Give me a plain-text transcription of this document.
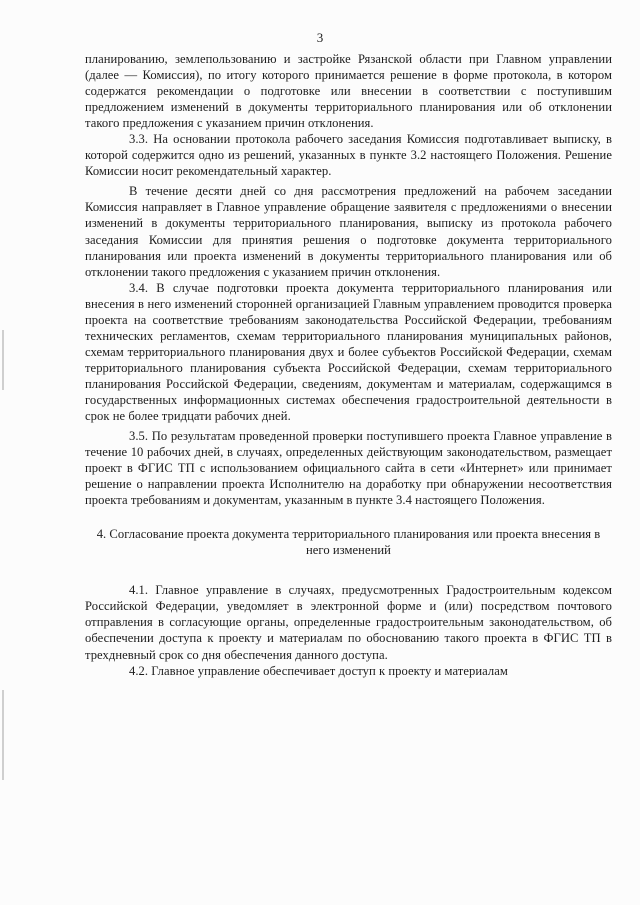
3

планированию, землепользованию и застройке Рязанской области при Главном управлении (далее — Комиссия), по итогу которого принимается решение в форме протокола, в котором содержатся рекомендации о подготовке или внесении в соответствии с поступившим предложением изменений в документы территориального планирования или об отклонении такого предложения с указанием причин отклонения.

3.3. На основании протокола рабочего заседания Комиссия подготавливает выписку, в которой содержится одно из решений, указанных в пункте 3.2 настоящего Положения. Решение Комиссии носит рекомендательный характер.

В течение десяти дней со дня рассмотрения предложений на рабочем заседании Комиссия направляет в Главное управление обращение заявителя с предложениями о внесении изменений в документы территориального планирования, выписку из протокола рабочего заседания Комиссии для принятия решения о подготовке документа территориального планирования или проекта изменений в документы территориального планирования или об отклонении такого предложения с указанием причин отклонения.

3.4. В случае подготовки проекта документа территориального планирования или внесения в него изменений сторонней организацией Главным управлением проводится проверка проекта на соответствие требованиям законодательства Российской Федерации, требованиям технических регламентов, схемам территориального планирования муниципальных районов, схемам территориального планирования двух и более субъектов Российской Федерации, схемам территориального планирования субъекта Российской Федерации, схемам территориального планирования Российской Федерации, сведениям, документам и материалам, содержащимся в государственных информационных системах обеспечения градостроительной деятельности в срок не более тридцати рабочих дней.

3.5. По результатам проведенной проверки поступившего проекта Главное управление в течение 10 рабочих дней, в случаях, определенных действующим законодательством, размещает проект в ФГИС ТП с использованием официального сайта в сети «Интернет» или принимает решение о направлении проекта Исполнителю на доработку при обнаружении несоответствия проекта требованиям и документам, указанным в пункте 3.4 настоящего Положения.

4. Согласование проекта документа территориального планирования или проекта внесения в него изменений

4.1. Главное управление в случаях, предусмотренных Градостроительным кодексом Российской Федерации, уведомляет в электронной форме и (или) посредством почтового отправления в согласующие органы, определенные градостроительным законодательством, об обеспечении доступа к проекту и материалам по обоснованию такого проекта в ФГИС ТП в трехдневный срок со дня обеспечения данного доступа.

4.2. Главное управление обеспечивает доступ к проекту и материалам
